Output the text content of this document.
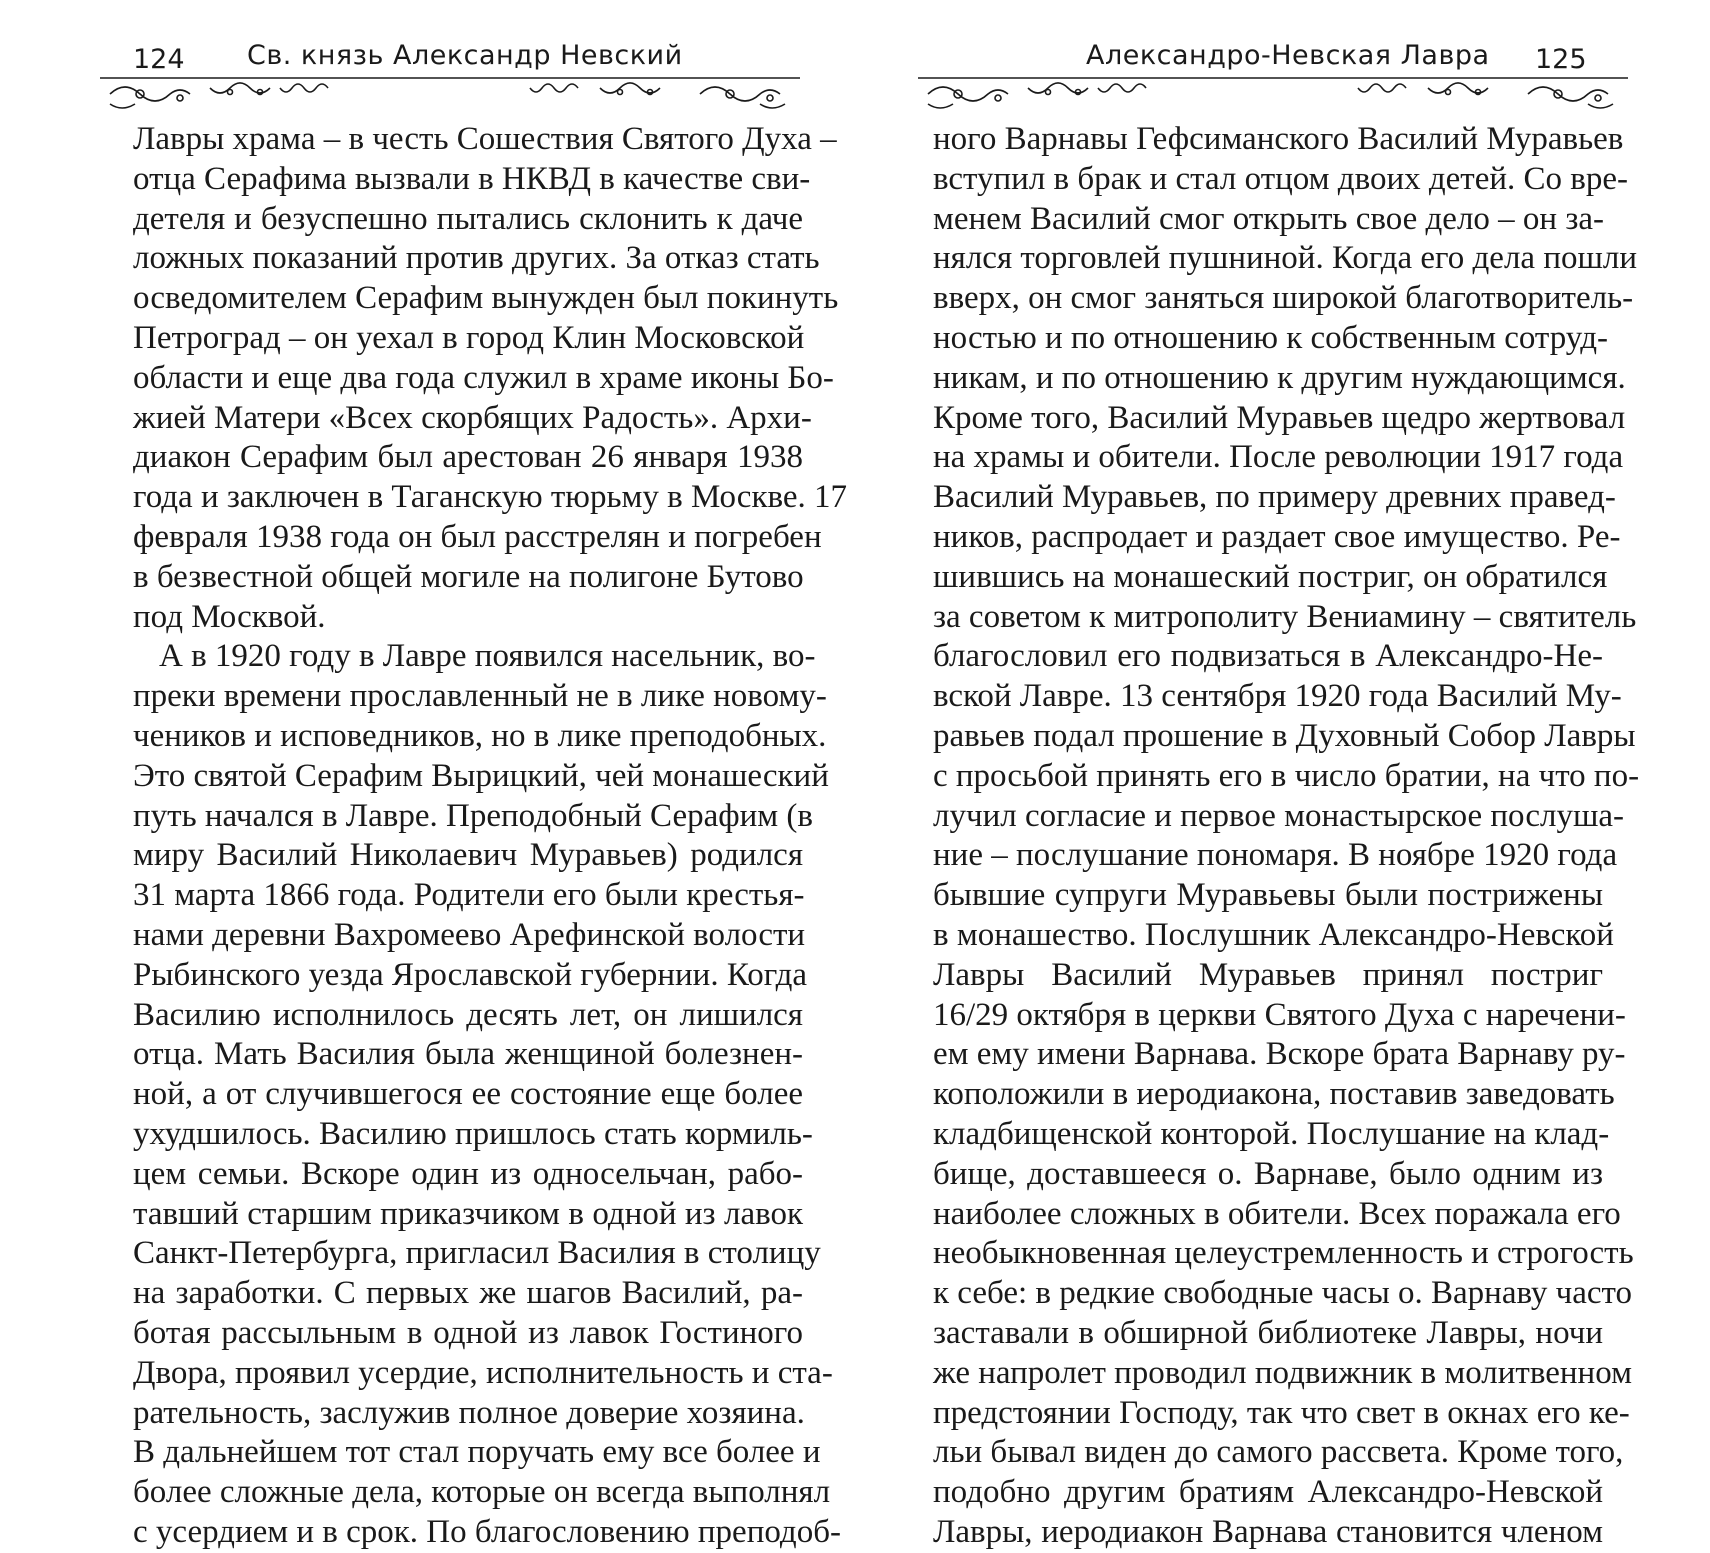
124 Св. князь Александр Невский
Лавры храма – в честь Сошествия Святого Духа –
отца Серафима вызвали в НКВД в качестве сви-
детеля и безуспешно пытались склонить к даче
ложных показаний против других. За отказ стать
осведомителем Серафим вынужден был покинуть
Петроград – он уехал в город Клин Московской
области и еще два года служил в храме иконы Бо-
жией Матери «Всех скорбящих Радость». Архи-
диакон Серафим был арестован 26 января 1938
года и заключен в Таганскую тюрьму в Москве. 17
февраля 1938 года он был расстрелян и погребен
в безвестной общей могиле на полигоне Бутово
под Москвой.
А в 1920 году в Лавре появился насельник, во-
преки времени прославленный не в лике новому-
чеников и исповедников, но в лике преподобных.
Это святой Серафим Вырицкий, чей монашеский
путь начался в Лавре. Преподобный Серафим (в
миру Василий Николаевич Муравьев) родился
31 марта 1866 года. Родители его были крестья-
нами деревни Вахромеево Арефинской волости
Рыбинского уезда Ярославской губернии. Когда
Василию исполнилось десять лет, он лишился
отца. Мать Василия была женщиной болезнен-
ной, а от случившегося ее состояние еще более
ухудшилось. Василию пришлось стать кормиль-
цем семьи. Вскоре один из односельчан, рабо-
тавший старшим приказчиком в одной из лавок
Санкт-Петербурга, пригласил Василия в столицу
на заработки. С первых же шагов Василий, ра-
ботая рассыльным в одной из лавок Гостиного
Двора, проявил усердие, исполнительность и ста-
рательность, заслужив полное доверие хозяина.
В дальнейшем тот стал поручать ему все более и
более сложные дела, которые он всегда выполнял
с усердием и в срок. По благословению преподоб-
Александро-Невская Лавра 125
ного Варнавы Гефсиманского Василий Муравьев
вступил в брак и стал отцом двоих детей. Со вре-
менем Василий смог открыть свое дело – он за-
нялся торговлей пушниной. Когда его дела пошли
вверх, он смог заняться широкой благотворитель-
ностью и по отношению к собственным сотруд-
никам, и по отношению к другим нуждающимся.
Кроме того, Василий Муравьев щедро жертвовал
на храмы и обители. После революции 1917 года
Василий Муравьев, по примеру древних правед-
ников, распродает и раздает свое имущество. Ре-
шившись на монашеский постриг, он обратился
за советом к митрополиту Вениамину – святитель
благословил его подвизаться в Александро-Не-
вской Лавре. 13 сентября 1920 года Василий Му-
равьев подал прошение в Духовный Собор Лавры
с просьбой принять его в число братии, на что по-
лучил согласие и первое монастырское послуша-
ние – послушание пономаря. В ноябре 1920 года
бывшие супруги Муравьевы были пострижены
в монашество. Послушник Александро-Невской
Лавры Василий Муравьев принял постриг
16/29 октября в церкви Святого Духа с наречени-
ем ему имени Варнава. Вскоре брата Варнаву ру-
коположили в иеродиакона, поставив заведовать
кладбищенской конторой. Послушание на клад-
бище, доставшееся о. Варнаве, было одним из
наиболее сложных в обители. Всех поражала его
необыкновенная целеустремленность и строгость
к себе: в редкие свободные часы о. Варнаву часто
заставали в обширной библиотеке Лавры, ночи
же напролет проводил подвижник в молитвенном
предстоянии Господу, так что свет в окнах его ке-
льи бывал виден до самого рассвета. Кроме того,
подобно другим братиям Александро-Невской
Лавры, иеродиакон Варнава становится членом
